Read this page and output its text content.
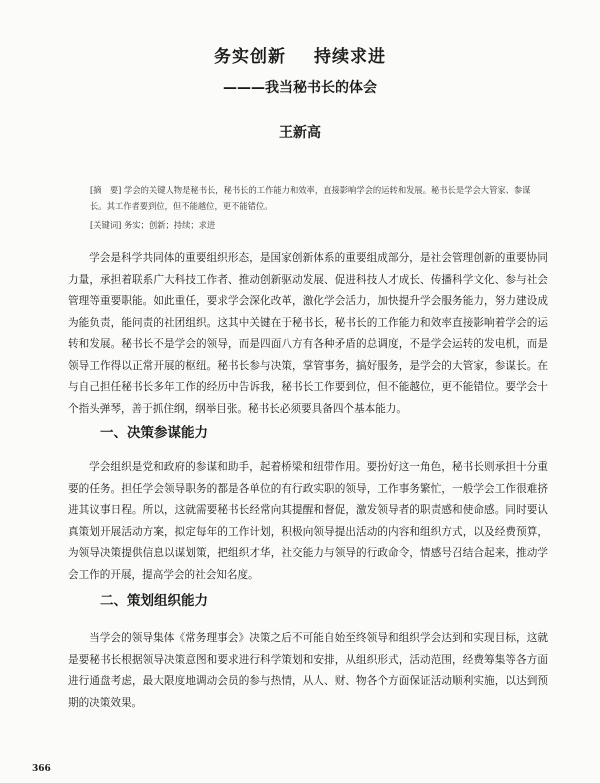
务实创新 持续求进
———我当秘书长的体会
王新高
[摘　要] 学会的关键人物是秘书长，秘书长的工作能力和效率，直接影响学会的运转和发展。秘书长是学会大管家、参谋长。其工作者要到位，但不能越位，更不能错位。
[关键词] 务实；创新；持续；求进
学会是科学共同体的重要组织形态，是国家创新体系的重要组成部分，是社会管理创新的重要协同力量，承担着联系广大科技工作者、推动创新驱动发展、促进科技人才成长、传播科学文化、参与社会管理等重要职能。如此重任，要求学会深化改革，激化学会活力，加快提升学会服务能力，努力建设成为能负责，能问责的社团组织。这其中关键在于秘书长，秘书长的工作能力和效率直接影响着学会的运转和发展。秘书长不是学会的领导，而是四面八方有各种矛盾的总调度，不是学会运转的发电机，而是领导工作得以正常开展的枢纽。秘书长参与决策，掌管事务，搞好服务，是学会的大管家，参谋长。在与自己担任秘书长多年工作的经历中告诉我，秘书长工作要到位，但不能越位，更不能错位。要学会十个指头弹琴，善于抓住纲，纲举目张。秘书长必须要具备四个基本能力。
一、决策参谋能力
学会组织是党和政府的参谋和助手，起着桥梁和纽带作用。要扮好这一角色，秘书长则承担十分重要的任务。担任学会领导职务的都是各单位的有行政实职的领导，工作事务繁忙，一般学会工作很难挤进其议事日程。所以，这就需要秘书长经常向其提醒和督促，激发领导者的职责感和使命感。同时要认真策划开展活动方案，拟定每年的工作计划，积极向领导提出活动的内容和组织方式，以及经费预算，为领导决策提供信息以谋划策，把组织才华，社交能力与领导的行政命令，情感号召结合起来，推动学会工作的开展，提高学会的社会知名度。
二、策划组织能力
当学会的领导集体《常务理事会》决策之后不可能自始至终领导和组织学会达到和实现目标，这就是要秘书长根据领导决策意图和要求进行科学策划和安排，从组织形式，活动范围，经费筹集等各方面进行通盘考虑，最大限度地调动会员的参与热情，从人、财、物各个方面保证活动顺利实施，以达到预期的决策效果。
366
